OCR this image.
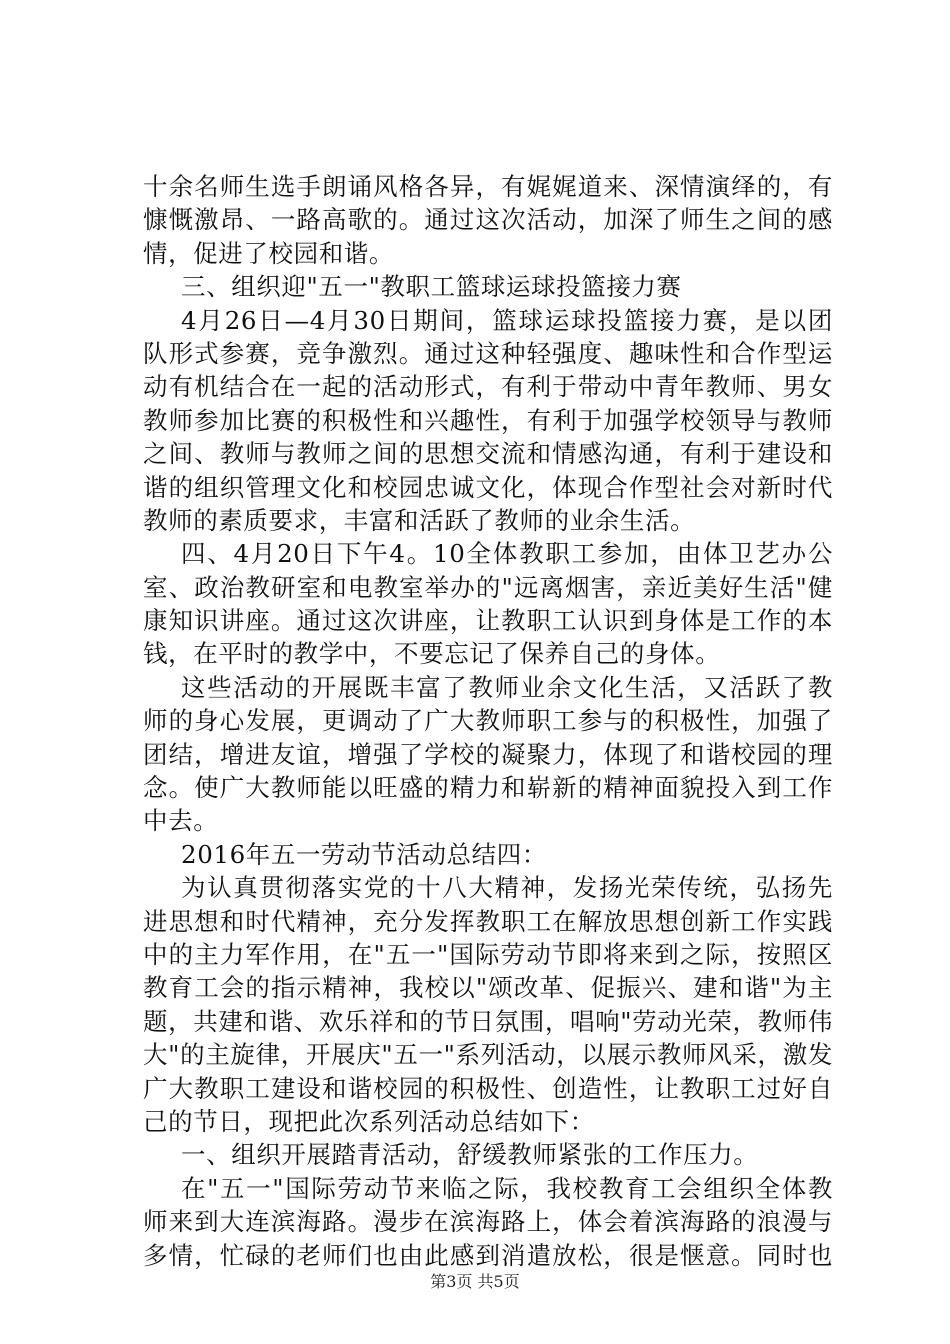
十余名师生选手朗诵风格各异，有娓娓道来、深情演绎的，有
慷慨激昂、一路高歌的。通过这次活动，加深了师生之间的感
情，促进了校园和谐。
三、组织迎"五一"教职工篮球运球投篮接力赛
4月26日—4月30日期间，篮球运球投篮接力赛，是以团
队形式参赛，竞争激烈。通过这种轻强度、趣味性和合作型运
动有机结合在一起的活动形式，有利于带动中青年教师、男女
教师参加比赛的积极性和兴趣性，有利于加强学校领导与教师
之间、教师与教师之间的思想交流和情感沟通，有利于建设和
谐的组织管理文化和校园忠诚文化，体现合作型社会对新时代
教师的素质要求，丰富和活跃了教师的业余生活。
四、4月20日下午4。10全体教职工参加，由体卫艺办公
室、政治教研室和电教室举办的"远离烟害，亲近美好生活"健
康知识讲座。通过这次讲座，让教职工认识到身体是工作的本
钱，在平时的教学中，不要忘记了保养自己的身体。
这些活动的开展既丰富了教师业余文化生活，又活跃了教
师的身心发展，更调动了广大教师职工参与的积极性，加强了
团结，增进友谊，增强了学校的凝聚力，体现了和谐校园的理
念。使广大教师能以旺盛的精力和崭新的精神面貌投入到工作
中去。
2016年五一劳动节活动总结四：
为认真贯彻落实党的十八大精神，发扬光荣传统，弘扬先
进思想和时代精神，充分发挥教职工在解放思想创新工作实践
中的主力军作用，在"五一"国际劳动节即将来到之际，按照区
教育工会的指示精神，我校以"颂改革、促振兴、建和谐"为主
题，共建和谐、欢乐祥和的节日氛围，唱响"劳动光荣，教师伟
大"的主旋律，开展庆"五一"系列活动，以展示教师风采，激发
广大教职工建设和谐校园的积极性、创造性，让教职工过好自
己的节日，现把此次系列活动总结如下：
一、组织开展踏青活动，舒缓教师紧张的工作压力。
在"五一"国际劳动节来临之际，我校教育工会组织全体教
师来到大连滨海路。漫步在滨海路上，体会着滨海路的浪漫与
多情，忙碌的老师们也由此感到消遣放松，很是惬意。同时也
第3页 共5页
